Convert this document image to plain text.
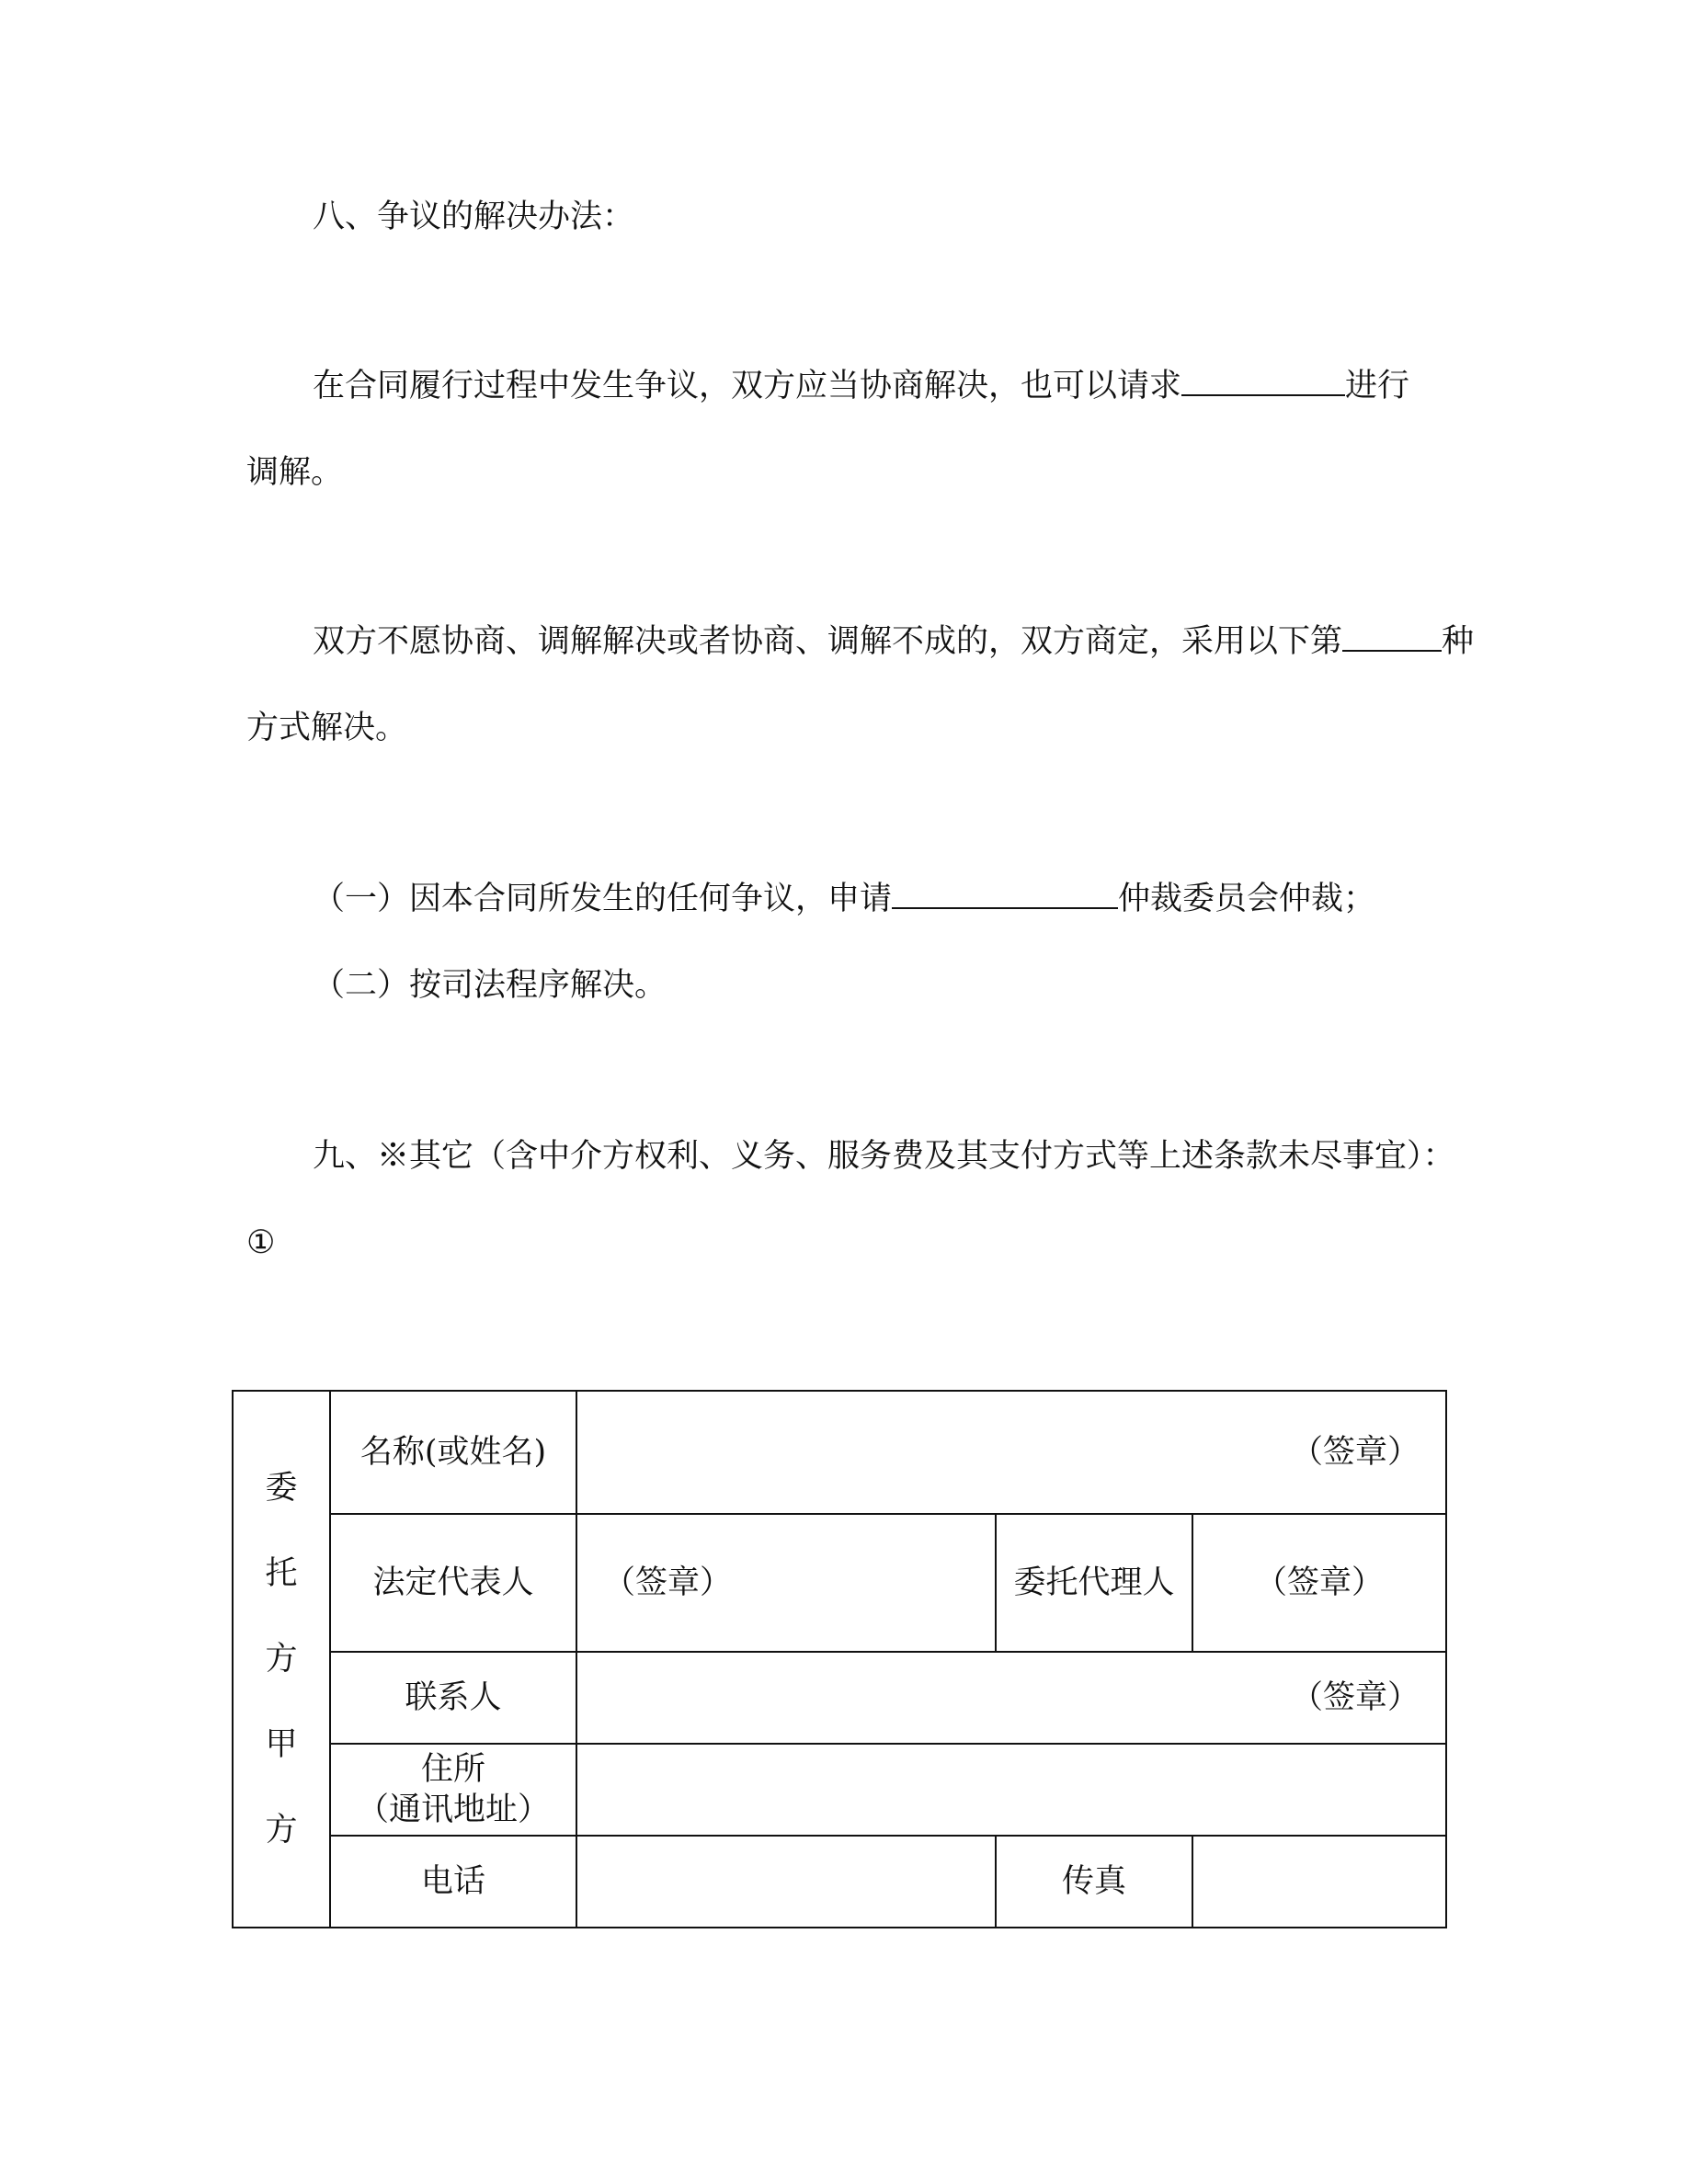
八、争议的解决办法：
在合同履行过程中发生争议，双方应当协商解决，也可以请求	进行
调解。
双方不愿协商、调解解决或者协商、调解不成的，双方商定，采用以下第	种
方式解决。
（一）因本合同所发生的任何争议，申请	仲裁委员会仲裁；
（二）按司法程序解决。
九、※其它（含中介方权利、义务、服务费及其支付方式等上述条款未尽事宜）：
①
委
托
方
甲
方	名称(或姓名)	（签章）		
	法定代表人	（签章）	委托代理人	（签章）
	联系人	（签章）		

	住所
（通讯地址）			

	电话		传真	
